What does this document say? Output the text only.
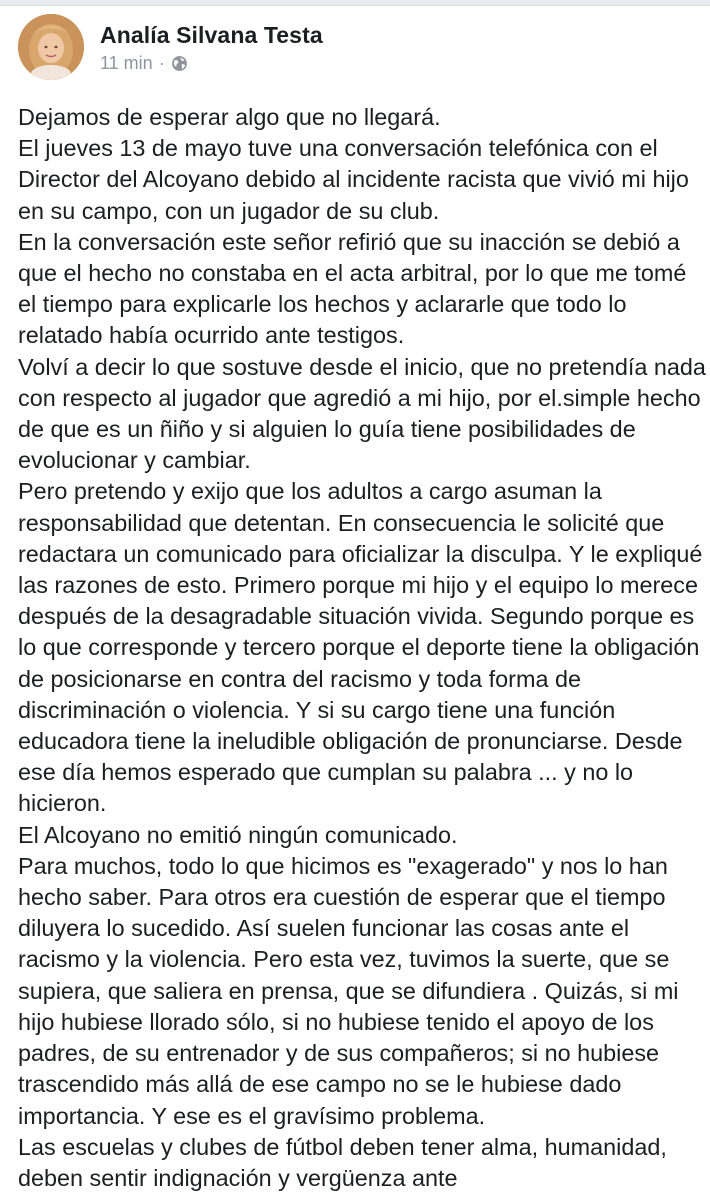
Analía Silvana Testa
11 min ·

Dejamos de esperar algo que no llegará.

El jueves 13 de mayo tuve una conversación telefónica con el Director del Alcoyano debido al incidente racista que vivió mi hijo en su campo, con un jugador de su club.

En la conversación este señor refirió que su inacción se debió a que el hecho no constaba en el acta arbitral, por lo que me tomé el tiempo para explicarle los hechos y aclararle que todo lo relatado había ocurrido ante testigos.

Volví a decir lo que sostuve desde el inicio, que no pretendía nada con respecto al jugador que agredió a mi hijo, por el.simple hecho de que es un ñiño y si alguien lo guía tiene posibilidades de evolucionar y cambiar.

Pero pretendo y exijo que los adultos a cargo asuman la responsabilidad que detentan. En consecuencia le solicité que redactara un comunicado para oficializar la disculpa. Y le expliqué las razones de esto. Primero porque mi hijo y el equipo lo merece después de la desagradable situación vivida. Segundo porque es lo que corresponde y tercero porque el deporte tiene la obligación de posicionarse en contra del racismo y toda forma de discriminación o violencia. Y si su cargo tiene una función educadora tiene la ineludible obligación de pronunciarse. Desde ese día hemos esperado que cumplan su palabra ... y no lo hicieron.

El Alcoyano no emitió ningún comunicado.

Para muchos, todo lo que hicimos es "exagerado" y nos lo han hecho saber. Para otros era cuestión de esperar que el tiempo diluyera lo sucedido. Así suelen funcionar las cosas ante el racismo y la violencia. Pero esta vez, tuvimos la suerte, que se supiera, que saliera en prensa, que se difundiera . Quizás, si mi hijo hubiese llorado sólo, si no hubiese tenido el apoyo de los padres, de su entrenador y de sus compañeros; si no hubiese trascendido más allá de ese campo no se le hubiese dado importancia. Y ese es el gravísimo problema.

Las escuelas y clubes de fútbol deben tener alma, humanidad, deben sentir indignación y vergüenza ante
